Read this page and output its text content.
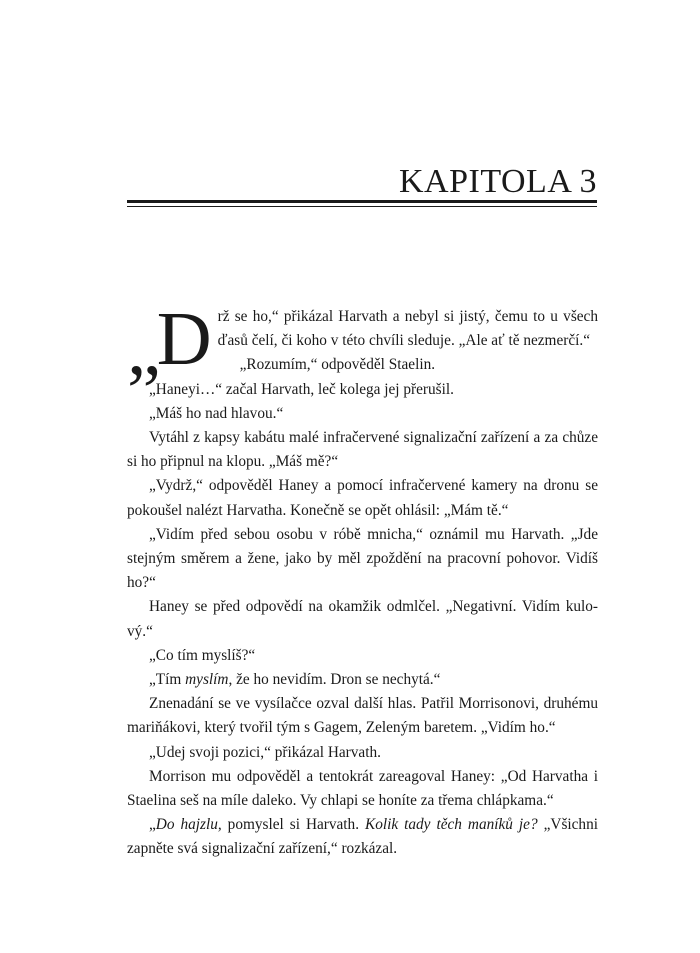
KAPITOLA 3

„D rž se ho,“ přikázal Harvath a nebyl si jistý, čemu to u všech ďasů čelí, či koho v této chvíli sleduje. „Ale ať tě nezmerčí.“

„Rozumím,“ odpověděl Staelin.

„Haneyi…“ začal Harvath, leč kolega jej přerušil.

„Máš ho nad hlavou.“

Vytáhl z kapsy kabátu malé infračervené signalizační zařízení a za chůze si ho připnul na klopu. „Máš mě?“

„Vydrž,“ odpověděl Haney a pomocí infračervené kamery na dronu se pokoušel nalézt Harvatha. Konečně se opět ohlásil: „Mám tě.“

„Vidím před sebou osobu v róbě mnicha,“ oznámil mu Harvath. „Jde stejným směrem a žene, jako by měl zpoždění na pracovní pohovor. Vidíš ho?“

Haney se před odpovědí na okamžik odmlčel. „Negativní. Vidím kulo-vý.“

„Co tím myslíš?“

„Tím myslím, že ho nevidím. Dron se nechytá.“

Znenadání se ve vysílačce ozval další hlas. Patřil Morrisonovi, druhému mariňákovi, který tvořil tým s Gagem, Zeleným baretem. „Vidím ho.“

„Udej svoji pozici,“ přikázal Harvath.

Morrison mu odpověděl a tentokrát zareagoval Haney: „Od Harvatha i Staelina seš na míle daleko. Vy chlapi se honíte za třema chlápkama.“

„Do hajzlu, pomyslel si Harvath. Kolik tady těch maníků je? „Všichni zapněte svá signalizační zařízení,“ rozkázal.
